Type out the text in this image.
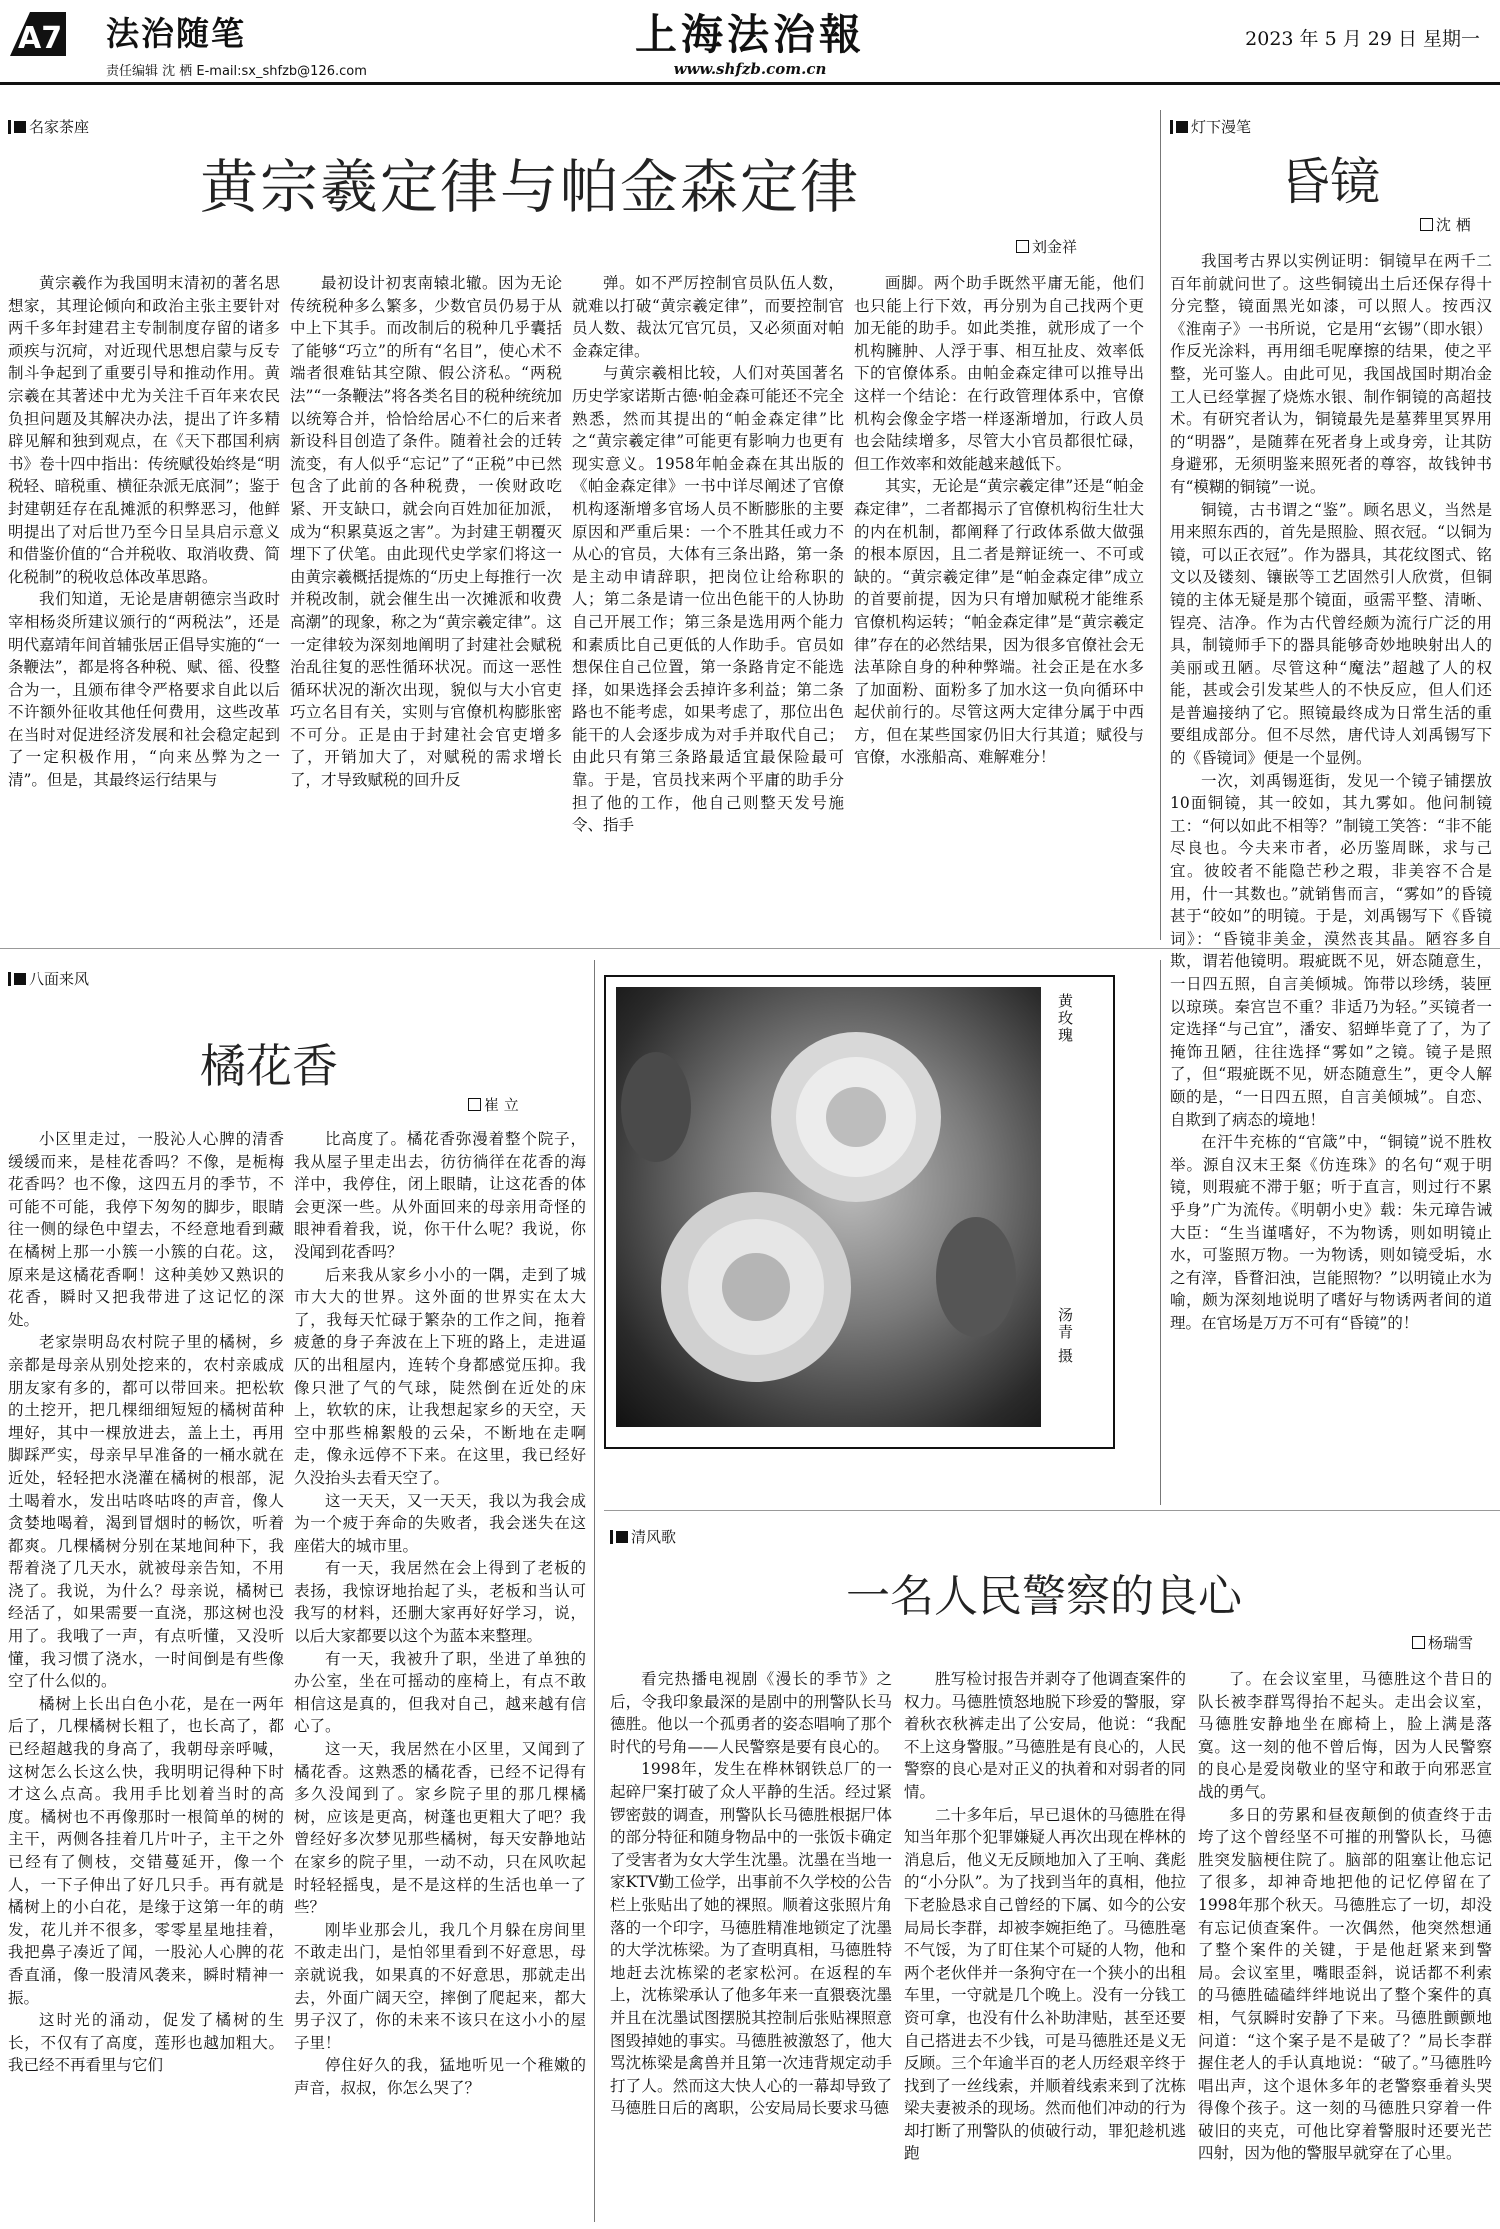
A7 法治随笔
责任编辑 沈 栖 E-mail:sx_shfzb@126.com
上海法治報
www.shfzb.com.cn
2023 年 5 月 29 日 星期一
名家茶座
黄宗羲定律与帕金森定律
刘金祥
黄宗羲作为我国明末清初的著名思想家，其理论倾向和政治主张主要针对两千多年封建君主专制制度存留的诸多顽疾与沉疴，对近现代思想启蒙与反专制斗争起到了重要引导和推动作用。黄宗羲在其著述中尤为关注千百年来农民负担问题及其解决办法，提出了许多精辟见解和独到观点，在《天下郡国利病书》卷十四中指出：传统赋役始终是“明税轻、暗税重、横征杂派无底洞”；鉴于封建朝廷存在乱摊派的积弊恶习，他鲜明提出了对后世乃至今日呈具启示意义和借鉴价值的“合并税收、取消收费、简化税制”的税收总体改革思路。
我们知道，无论是唐朝德宗当政时宰相杨炎所建议颁行的“两税法”，还是明代嘉靖年间首辅张居正倡导实施的“一条鞭法”，都是将各种税、赋、徭、役整合为一，且颁布律令严格要求自此以后不许额外征收其他任何费用，这些改革在当时对促进经济发展和社会稳定起到了一定积极作用，“向来丛弊为之一清”。但是，其最终运行结果与
最初设计初衷南辕北辙。因为无论传统税种多么繁多，少数官员仍易于从中上下其手。而改制后的税种几乎囊括了能够“巧立”的所有“名目”，使心术不端者很难钻其空隙、假公济私。“两税法”“一条鞭法”将各类名目的税种统统加以统筹合并，恰恰给居心不仁的后来者新设科目创造了条件。随着社会的迁转流变，有人似乎“忘记”了“正税”中已然包含了此前的各种税费，一俟财政吃紧、开支缺口，就会向百姓加征加派，成为“积累莫返之害”。为封建王朝覆灭埋下了伏笔。由此现代史学家们将这一由黄宗羲概括提炼的“历史上每推行一次并税改制，就会催生出一次摊派和收费高潮”的现象，称之为“黄宗羲定律”。这一定律较为深刻地阐明了封建社会赋税治乱往复的恶性循环状况。而这一恶性循环状况的渐次出现，貌似与大小官吏巧立名目有关，实则与官僚机构膨胀密不可分。正是由于封建社会官吏增多了，开销加大了，对赋税的需求增长了，才导致赋税的回升反
弹。如不严厉控制官员队伍人数，就难以打破“黄宗羲定律”，而要控制官员人数、裁汰冗官冗员，又必须面对帕金森定律。
与黄宗羲相比较，人们对英国著名历史学家诺斯古德·帕金森可能还不完全熟悉，然而其提出的“帕金森定律”比之“黄宗羲定律”可能更有影响力也更有现实意义。1958年帕金森在其出版的《帕金森定律》一书中详尽阐述了官僚机构逐渐增多官场人员不断膨胀的主要原因和严重后果：一个不胜其任或力不从心的官员，大体有三条出路，第一条是主动申请辞职，把岗位让给称职的人；第二条是请一位出色能干的人协助自己开展工作；第三条是选用两个能力和素质比自己更低的人作助手。官员如想保住自己位置，第一条路肯定不能选择，如果选择会丢掉许多利益；第二条路也不能考虑，如果考虑了，那位出色能干的人会逐步成为对手并取代自己；由此只有第三条路最适宜最保险最可靠。于是，官员找来两个平庸的助手分担了他的工作，他自己则整天发号施令、指手
画脚。两个助手既然平庸无能，他们也只能上行下效，再分别为自己找两个更加无能的助手。如此类推，就形成了一个机构臃肿、人浮于事、相互扯皮、效率低下的官僚体系。由帕金森定律可以推导出这样一个结论：在行政管理体系中，官僚机构会像金字塔一样逐渐增加，行政人员也会陆续增多，尽管大小官员都很忙碌，但工作效率和效能越来越低下。
其实，无论是“黄宗羲定律”还是“帕金森定律”，二者都揭示了官僚机构衍生壮大的内在机制，都阐释了行政体系做大做强的根本原因，且二者是辩证统一、不可或缺的。“黄宗羲定律”是“帕金森定律”成立的首要前提，因为只有增加赋税才能维系官僚机构运转；“帕金森定律”是“黄宗羲定律”存在的必然结果，因为很多官僚社会无法革除自身的种种弊端。社会正是在水多了加面粉、面粉多了加水这一负向循环中起伏前行的。尽管这两大定律分属于中西方，但在某些国家仍旧大行其道；赋役与官僚，水涨船高、难解难分！
灯下漫笔
昏镜
沈 栖
我国考古界以实例证明：铜镜早在两千二百年前就问世了。这些铜镜出土后还保存得十分完整，镜面黑光如漆，可以照人。按西汉《淮南子》一书所说，它是用“玄锡”（即水银）作反光涂料，再用细毛呢摩擦的结果，使之平整，光可鉴人。由此可见，我国战国时期冶金工人已经掌握了烧炼水银、制作铜镜的高超技术。有研究者认为，铜镜最先是墓葬里冥界用的“明器”，是随葬在死者身上或身旁，让其防身避邪，无须明鉴来照死者的尊容，故钱钟书有“模糊的铜镜”一说。
铜镜，古书谓之“鉴”。顾名思义，当然是用来照东西的，首先是照脸、照衣冠。“以铜为镜，可以正衣冠”。作为器具，其花纹图式、铭文以及镂刻、镶嵌等工艺固然引人欣赏，但铜镜的主体无疑是那个镜面，亟需平整、清晰、锃亮、洁净。作为古代曾经颇为流行广泛的用具，制镜师手下的器具能够奇妙地映射出人的美丽或丑陋。尽管这种“魔法”超越了人的权能，甚或会引发某些人的不快反应，但人们还是普遍接纳了它。照镜最终成为日常生活的重要组成部分。但不尽然，唐代诗人刘禹锡写下的《昏镜词》便是一个显例。
一次，刘禹锡逛街，发见一个镜子铺摆放10面铜镜，其一皎如，其九雾如。他问制镜工：“何以如此不相等？”制镜工笑答：“非不能尽良也。今夫来市者，必历鉴周眯，求与己宜。彼皎者不能隐芒秒之瑕，非美容不合是用，什一其数也。”就销售而言，“雾如”的昏镜甚于“皎如”的明镜。于是，刘禹锡写下《昏镜词》：“昏镜非美金，漠然丧其晶。陋容多自欺，谓若他镜明。瑕疵既不见，妍态随意生，一日四五照，自言美倾城。饰带以珍绣，装匣以琼瑛。秦宫岂不重？非适乃为轻。”买镜者一定选择“与己宜”，潘安、貂蝉毕竟了了，为了掩饰丑陋，往往选择“雾如”之镜。镜子是照了，但“瑕疵既不见，妍态随意生”，更令人解颐的是，“一日四五照，自言美倾城”。自恋、自欺到了病态的境地！
在汗牛充栋的“官箴”中，“铜镜”说不胜枚举。源自汉末王粲《仿连珠》的名句“观于明镜，则瑕疵不滞于躯；听于直言，则过行不累乎身”广为流传。《明朝小史》载：朱元璋告诫大臣：“生当谨嗜好，不为物诱，则如明镜止水，可鉴照万物。一为物诱，则如镜受垢，水之有滓，昏瞀汩浊，岂能照物？”以明镜止水为喻，颇为深刻地说明了嗜好与物诱两者间的道理。在官场是万万不可有“昏镜”的！
八面来风
橘花香
崔 立
小区里走过，一股沁人心脾的清香缓缓而来，是桂花香吗？不像，是栀梅花香吗？也不像，这四五月的季节，不可能不可能，我停下匆匆的脚步，眼睛往一侧的绿色中望去，不经意地看到藏在橘树上那一小簇一小簇的白花。这，原来是这橘花香啊！这种美妙又熟识的花香，瞬时又把我带进了这记忆的深处。
老家崇明岛农村院子里的橘树，乡亲都是母亲从别处挖来的，农村亲戚成朋友家有多的，都可以带回来。把松软的土挖开，把几棵细细短短的橘树苗种埋好，其中一棵放进去，盖上土，再用脚踩严实，母亲早早准备的一桶水就在近处，轻轻把水浇灌在橘树的根部，泥土喝着水，发出咕咚咕咚的声音，像人贪婪地喝着，渴到冒烟时的畅饮，听着都爽。几棵橘树分别在某地间种下，我帮着浇了几天水，就被母亲告知，不用浇了。我说，为什么？母亲说，橘树已经活了，如果需要一直浇，那这树也没用了。我哦了一声，有点听懂，又没听懂，我习惯了浇水，一时间倒是有些像空了什么似的。
橘树上长出白色小花，是在一两年后了，几棵橘树长粗了，也长高了，都已经超越我的身高了，我朝母亲呼喊，这树怎么长这么快，我明明记得种下时才这么点高。我用手比划着当时的高度。橘树也不再像那时一根简单的树的主干，两侧各挂着几片叶子，主干之外已经有了侧枝，交错蔓延开，像一个人，一下子伸出了好几只手。再有就是橘树上的小白花，是缘于这第一年的萌发，花儿并不很多，零零星星地挂着，我把鼻子凑近了闻，一股沁人心脾的花香直涌，像一股清风袭来，瞬时精神一振。
这时光的涌动，促发了橘树的生长，不仅有了高度，莲形也越加粗大。我已经不再看里与它们
比高度了。橘花香弥漫着整个院子，我从屋子里走出去，彷彷徜徉在花香的海洋中，我停住，闭上眼睛，让这花香的体会更深一些。从外面回来的母亲用奇怪的眼神看着我，说，你干什么呢？我说，你没闻到花香吗？
后来我从家乡小小的一隅，走到了城市大大的世界。这外面的世界实在太大了，我每天忙碌于繁杂的工作之间，拖着疲惫的身子奔波在上下班的路上，走进逼仄的出租屋内，连转个身都感觉压抑。我像只泄了气的气球，陡然倒在近处的床上，软软的床，让我想起家乡的天空，天空中那些棉絮般的云朵，不断地在走啊走，像永远停不下来。在这里，我已经好久没抬头去看天空了。
这一天天，又一天天，我以为我会成为一个疲于奔命的失败者，我会迷失在这座偌大的城市里。
有一天，我居然在会上得到了老板的表扬，我惊讶地抬起了头，老板和当认可我写的材料，还删大家再好好学习，说，以后大家都要以这个为蓝本来整理。
有一天，我被升了职，坐进了单独的办公室，坐在可摇动的座椅上，有点不敢相信这是真的，但我对自己，越来越有信心了。
这一天，我居然在小区里，又闻到了橘花香。这熟悉的橘花香，已经不记得有多久没闻到了。家乡院子里的那几棵橘树，应该是更高，树蓬也更粗大了吧？我曾经好多次梦见那些橘树，每天安静地站在家乡的院子里，一动不动，只在风吹起时轻轻摇曳，是不是这样的生活也单一了些？
刚毕业那会儿，我几个月躲在房间里不敢走出门，是怕邻里看到不好意思，母亲就说我，如果真的不好意思，那就走出去，外面广阔天空，摔倒了爬起来，都大男子汉了，你的未来不该只在这小小的屋子里！
停住好久的我，猛地听见一个稚嫩的声音，叔叔，你怎么哭了？
黄玫瑰
汤青 摄
清风歌
一名人民警察的良心
杨瑞雪
看完热播电视剧《漫长的季节》之后，令我印象最深的是剧中的刑警队长马德胜。他以一个孤勇者的姿态唱响了那个时代的号角——人民警察是要有良心的。
1998年，发生在桦林钢铁总厂的一起碎尸案打破了众人平静的生活。经过紧锣密鼓的调查，刑警队长马德胜根据尸体的部分特征和随身物品中的一张饭卡确定了受害者为女大学生沈墨。沈墨在当地一家KTV勤工俭学，出事前不久学校的公告栏上张贴出了她的裸照。顺着这张照片角落的一个印字，马德胜精准地锁定了沈墨的大学沈栋梁。为了查明真相，马德胜特地赶去沈栋梁的老家松河。在返程的车上，沈栋梁承认了他多年来一直猥亵沈墨并且在沈墨试图摆脱其控制后张贴裸照意图毁掉她的事实。马德胜被激怒了，他大骂沈栋梁是禽兽并且第一次违背规定动手打了人。然而这大快人心的一幕却导致了马德胜日后的离职，公安局局长要求马德
胜写检讨报告并剥夺了他调查案件的权力。马德胜愤怒地脱下珍爱的警服，穿着秋衣秋裤走出了公安局，他说：“我配不上这身警服。”马德胜是有良心的，人民警察的良心是对正义的执着和对弱者的同情。
二十多年后，早已退休的马德胜在得知当年那个犯罪嫌疑人再次出现在桦林的消息后，他义无反顾地加入了王响、龚彪的“小分队”。为了找到当年的真相，他拉下老脸恳求自己曾经的下属、如今的公安局局长李群，却被李婉拒绝了。马德胜毫不气馁，为了盯住某个可疑的人物，他和两个老伙伴并一条狗守在一个狭小的出租车里，一守就是几个晚上。没有一分钱工资可拿，也没有什么补助津贴，甚至还要自己搭进去不少钱，可是马德胜还是义无反顾。三个年逾半百的老人历经艰辛终于找到了一丝线索，并顺着线索来到了沈栋梁夫妻被杀的现场。然而他们冲动的行为却打断了刑警队的侦破行动，罪犯趁机逃跑
了。在会议室里，马德胜这个昔日的队长被李群骂得抬不起头。走出会议室，马德胜安静地坐在廊椅上，脸上满是落寞。这一刻的他不曾后悔，因为人民警察的良心是爱岗敬业的坚守和敢于向邪恶宣战的勇气。
多日的劳累和昼夜颠倒的侦查终于击垮了这个曾经坚不可摧的刑警队长，马德胜突发脑梗住院了。脑部的阻塞让他忘记了很多，却神奇地把他的记忆停留在了1998年那个秋天。马德胜忘了一切，却没有忘记侦查案件。一次偶然，他突然想通了整个案件的关键，于是他赶紧来到警局。会议室里，嘴眼歪斜，说话都不利索的马德胜磕磕绊绊地说出了整个案件的真相，气氛瞬时安静了下来。马德胜颤颤地问道：“这个案子是不是破了？”局长李群握住老人的手认真地说：“破了。”马德胜吟唱出声，这个退休多年的老警察垂着头哭得像个孩子。这一刻的马德胜只穿着一件破旧的夹克，可他比穿着警服时还要光芒四射，因为他的警服早就穿在了心里。
